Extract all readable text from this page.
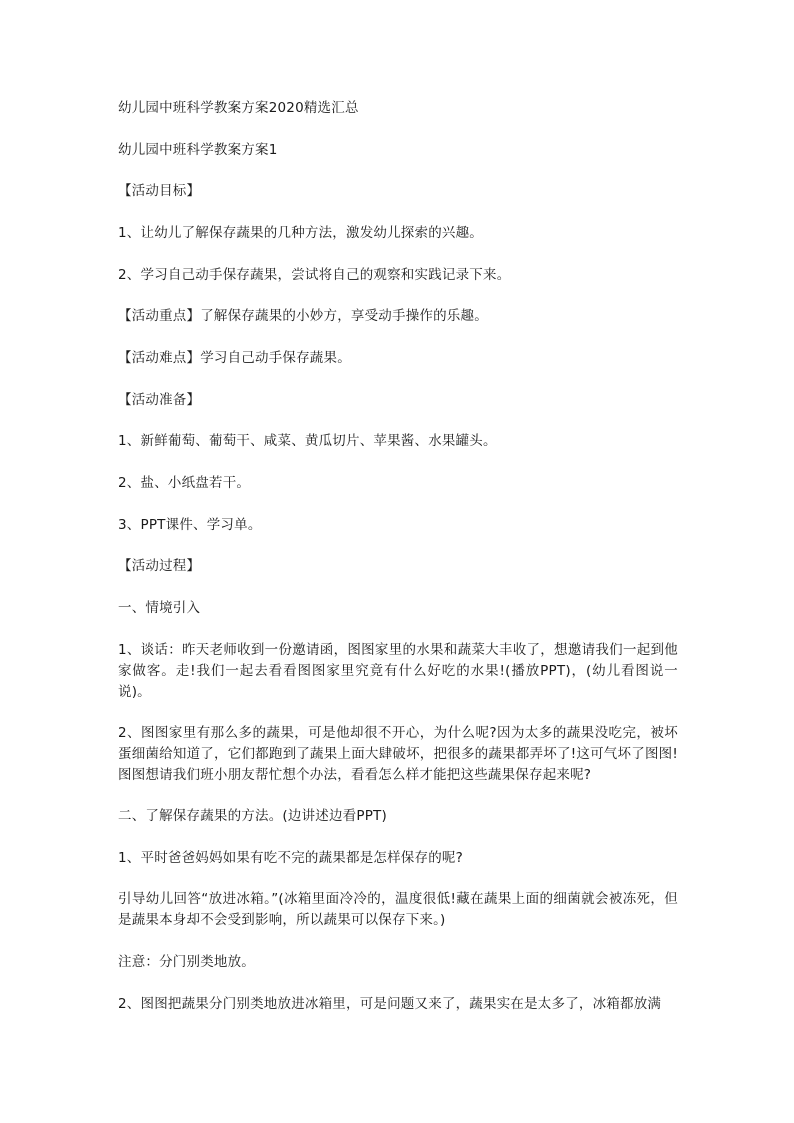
幼儿园中班科学教案方案2020精选汇总
幼儿园中班科学教案方案1
【活动目标】
1、让幼儿了解保存蔬果的几种方法，激发幼儿探索的兴趣。
2、学习自己动手保存蔬果，尝试将自己的观察和实践记录下来。
【活动重点】了解保存蔬果的小妙方，享受动手操作的乐趣。
【活动难点】学习自己动手保存蔬果。
【活动准备】
1、新鲜葡萄、葡萄干、咸菜、黄瓜切片、苹果酱、水果罐头。
2、盐、小纸盘若干。
3、PPT课件、学习单。
【活动过程】
一、情境引入
1、谈话：昨天老师收到一份邀请函，图图家里的水果和蔬菜大丰收了，想邀请我们一起到他家做客。走!我们一起去看看图图家里究竟有什么好吃的水果!(播放PPT)，(幼儿看图说一说)。
2、图图家里有那么多的蔬果，可是他却很不开心，为什么呢?因为太多的蔬果没吃完，被坏蛋细菌给知道了，它们都跑到了蔬果上面大肆破坏，把很多的蔬果都弄坏了!这可气坏了图图!图图想请我们班小朋友帮忙想个办法，看看怎么样才能把这些蔬果保存起来呢?
二、了解保存蔬果的方法。(边讲述边看PPT)
1、平时爸爸妈妈如果有吃不完的蔬果都是怎样保存的呢?
引导幼儿回答“放进冰箱。”(冰箱里面冷冷的，温度很低!藏在蔬果上面的细菌就会被冻死，但是蔬果本身却不会受到影响，所以蔬果可以保存下来。)
注意：分门别类地放。
2、图图把蔬果分门别类地放进冰箱里，可是问题又来了，蔬果实在是太多了，冰箱都放满
